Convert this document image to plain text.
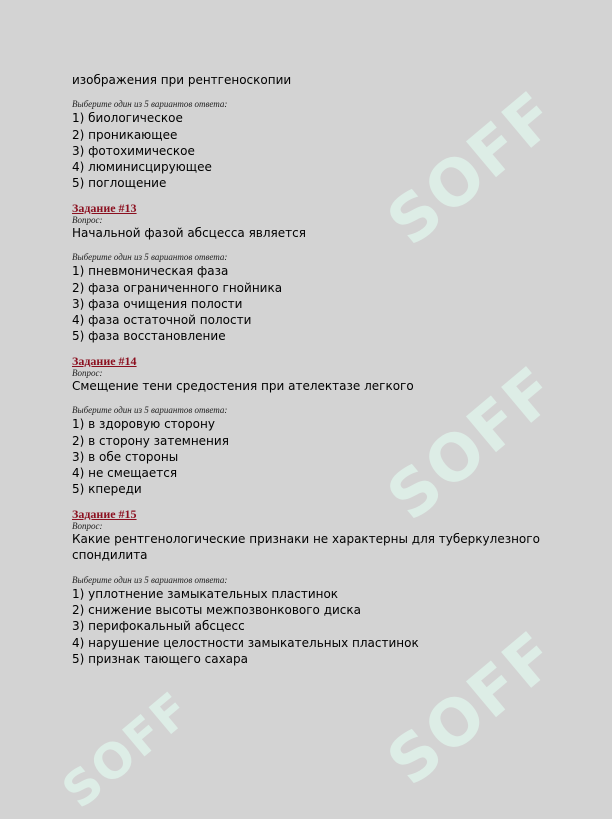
SOFF
SOFF
SOFF
SOFF
изображения при рентгеноскопии
Выберите один из 5 вариантов ответа:
1) биологическое
2) проникающее
3) фотохимическое
4) люминисцирующее
5) поглощение
Задание #13
Вопрос:
Начальной фазой абсцесса является
Выберите один из 5 вариантов ответа:
1) пневмоническая фаза
2) фаза ограниченного гнойника
3) фаза очищения полости
4) фаза остаточной полости
5) фаза восстановление
Задание #14
Вопрос:
Смещение тени средостения при ателектазе легкого
Выберите один из 5 вариантов ответа:
1) в здоровую сторону
2) в сторону затемнения
3) в обе стороны
4) не смещается
5) кпереди
Задание #15
Вопрос:
Какие рентгенологические признаки не характерны для туберкулезного спондилита
Выберите один из 5 вариантов ответа:
1) уплотнение замыкательных пластинок
2) снижение высоты межпозвонкового диска
3) перифокальный абсцесс
4) нарушение целостности замыкательных пластинок
5) признак тающего сахара
